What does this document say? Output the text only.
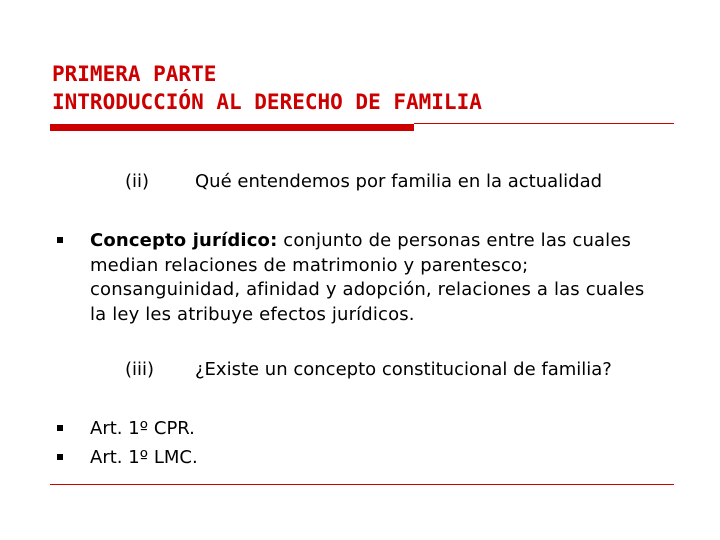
PRIMERA PARTE
INTRODUCCIÓN AL DERECHO DE FAMILIA
(ii)	Qué entendemos por familia en la actualidad

Concepto jurídico: conjunto de personas entre las cuales median relaciones de matrimonio y parentesco; consanguinidad, afinidad y adopción, relaciones a las cuales la ley les atribuye efectos jurídicos.

(iii) ¿Existe un concepto constitucional de familia?
Art. 1º CPR.
Art. 1º LMC.
